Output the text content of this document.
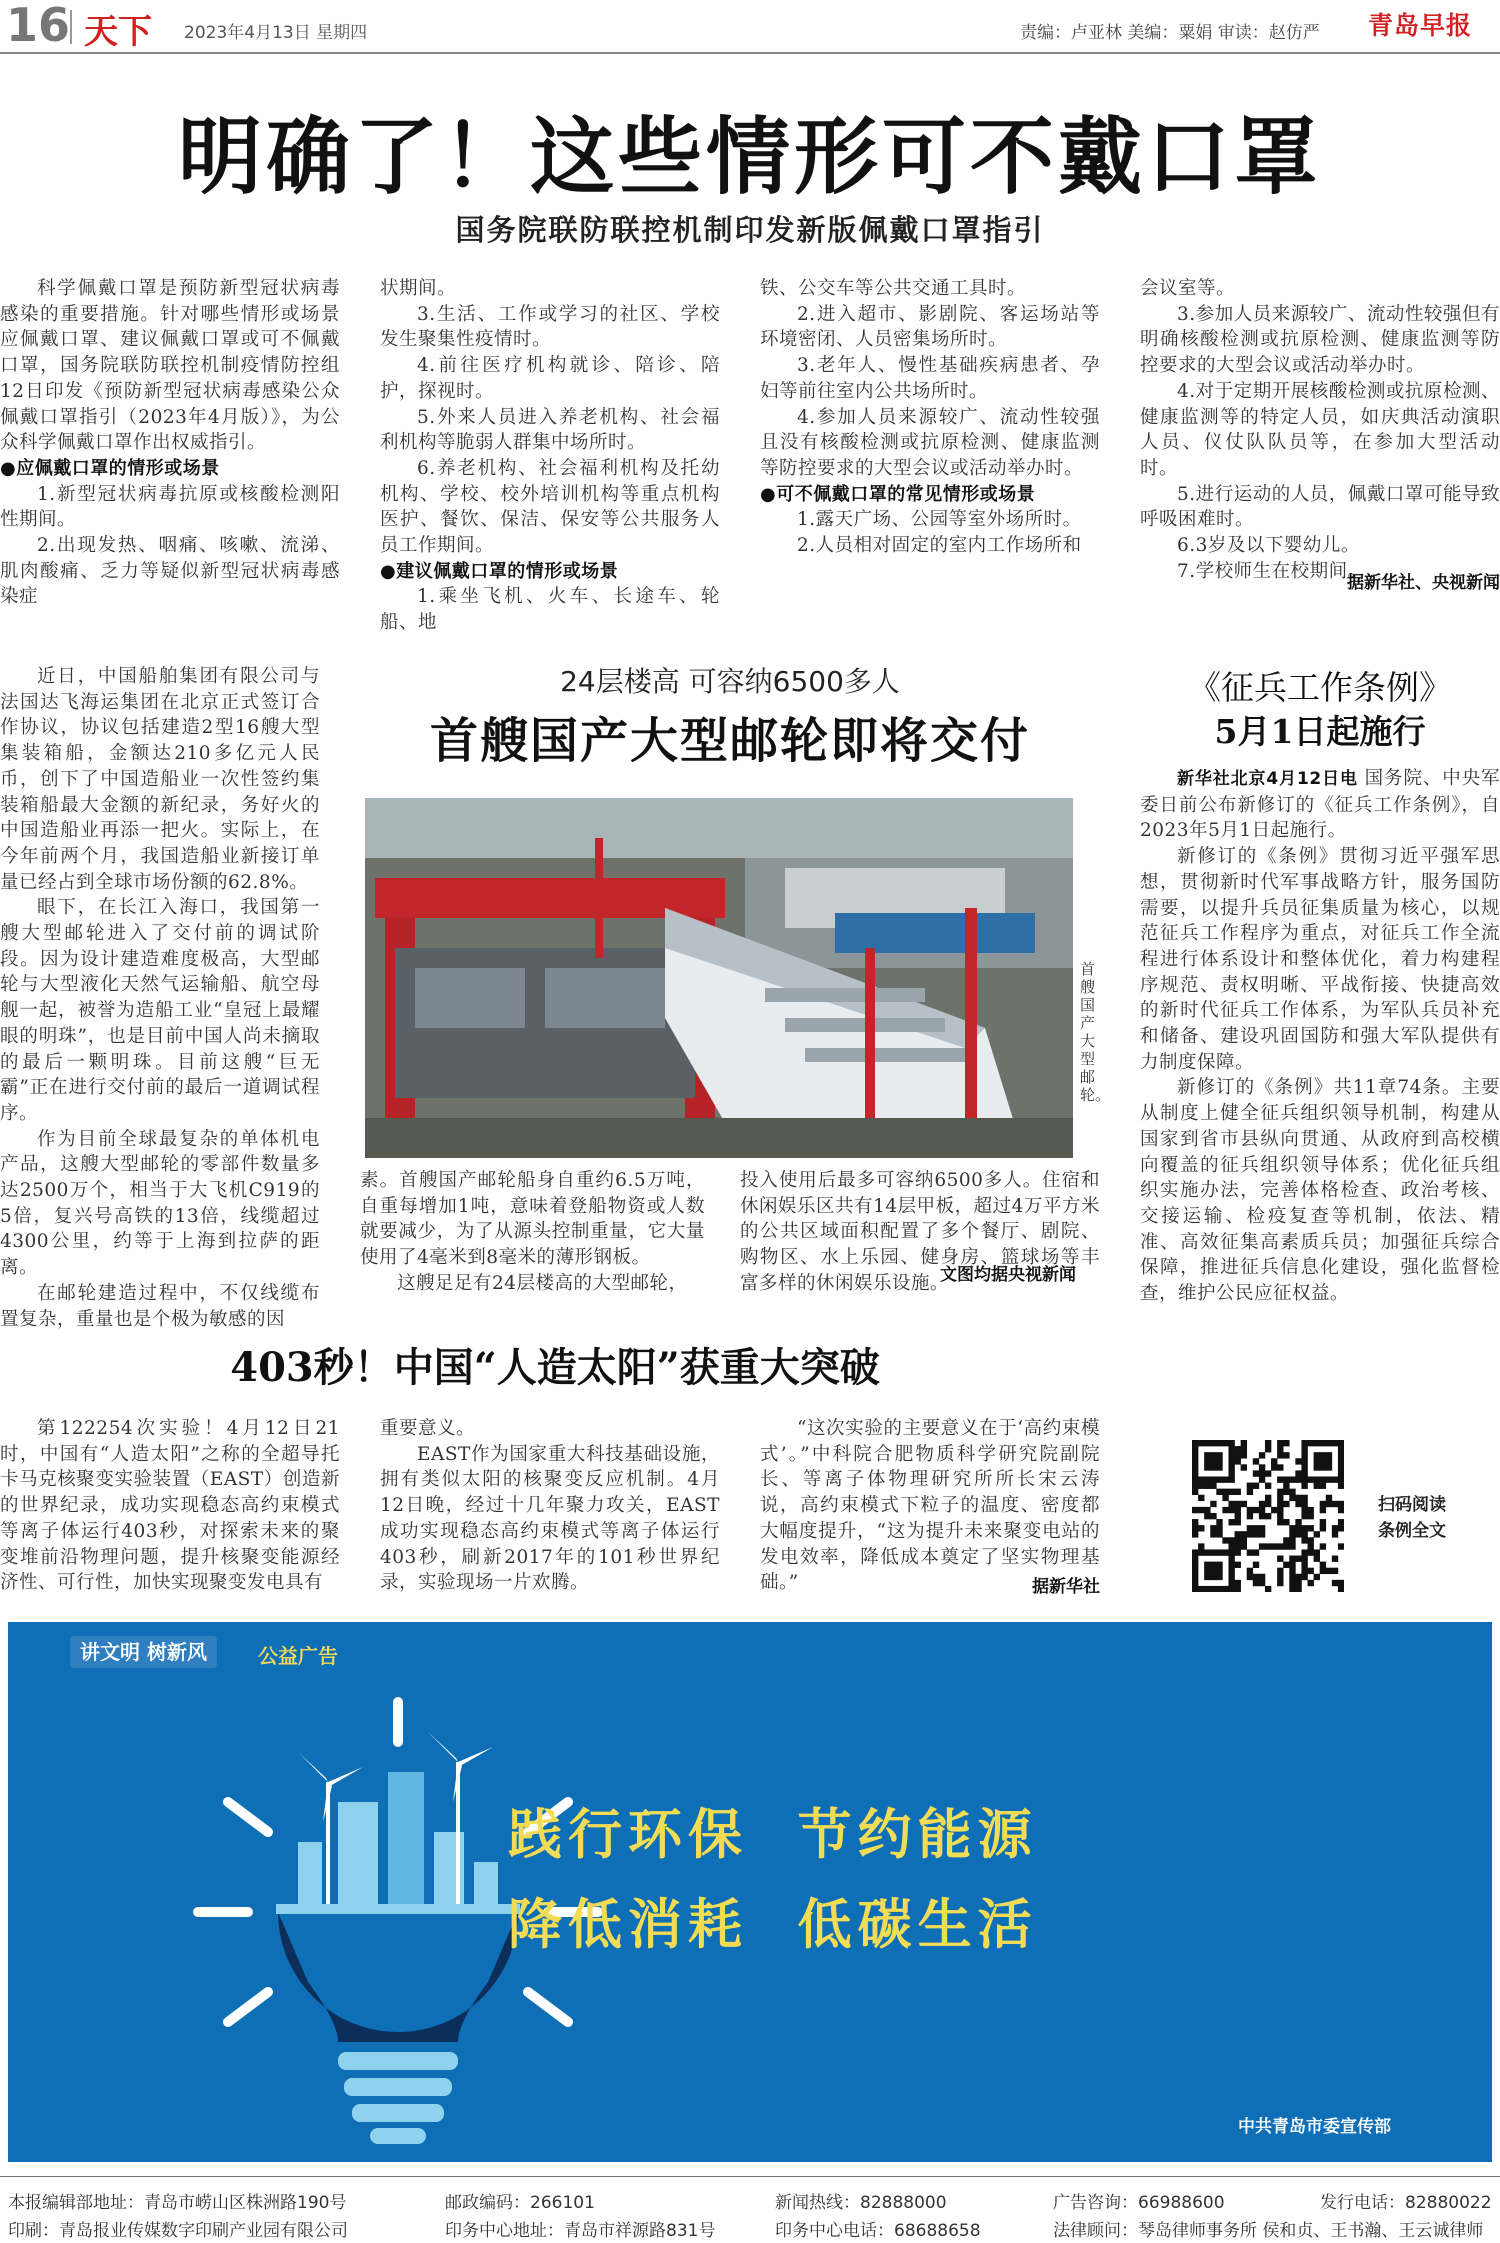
16 天下 2023年4月13日 星期四	责编：卢亚林 美编：粟娟 审读：赵仿严 青岛早报
明确了！这些情形可不戴口罩
国务院联防联控机制印发新版佩戴口罩指引

科学佩戴口罩是预防新型冠状病毒感染的重要措施。针对哪些情形或场景应佩戴口罩、建议佩戴口罩或可不佩戴口罩，国务院联防联控机制疫情防控组12日印发《预防新型冠状病毒感染公众佩戴口罩指引（2023年4月版）》，为公众科学佩戴口罩作出权威指引。

●应佩戴口罩的情形或场景

1.新型冠状病毒抗原或核酸检测阳性期间。

2.出现发热、咽痛、咳嗽、流涕、肌肉酸痛、乏力等疑似新型冠状病毒感染症

状期间。

3.生活、工作或学习的社区、学校发生聚集性疫情时。

4.前往医疗机构就诊、陪诊、陪护，探视时。

5.外来人员进入养老机构、社会福利机构等脆弱人群集中场所时。

6.养老机构、社会福利机构及托幼机构、学校、校外培训机构等重点机构医护、餐饮、保洁、保安等公共服务人员工作期间。

●建议佩戴口罩的情形或场景

1.乘坐飞机、火车、长途车、轮船、地

铁、公交车等公共交通工具时。

2.进入超市、影剧院、客运场站等环境密闭、人员密集场所时。

3.老年人、慢性基础疾病患者、孕妇等前往室内公共场所时。

4.参加人员来源较广、流动性较强且没有核酸检测或抗原检测、健康监测等防控要求的大型会议或活动举办时。

●可不佩戴口罩的常见情形或场景

1.露天广场、公园等室外场所时。

2.人员相对固定的室内工作场所和

会议室等。

3.参加人员来源较广、流动性较强但有明确核酸检测或抗原检测、健康监测等防控要求的大型会议或活动举办时。

4.对于定期开展核酸检测或抗原检测、健康监测等的特定人员，如庆典活动演职人员、仪仗队队员等，在参加大型活动时。

5.进行运动的人员，佩戴口罩可能导致呼吸困难时。

6.3岁及以下婴幼儿。

7.学校师生在校期间。

据新华社、央视新闻
24层楼高 可容纳6500多人
首艘国产大型邮轮即将交付

近日，中国船舶集团有限公司与法国达飞海运集团在北京正式签订合作协议，协议包括建造2型16艘大型集装箱船，金额达210多亿元人民币，创下了中国造船业一次性签约集装箱船最大金额的新纪录，务好火的中国造船业再添一把火。实际上，在今年前两个月，我国造船业新接订单量已经占到全球市场份额的62.8%。

眼下，在长江入海口，我国第一艘大型邮轮进入了交付前的调试阶段。因为设计建造难度极高，大型邮轮与大型液化天然气运输船、航空母舰一起，被誉为造船工业“皇冠上最耀眼的明珠”，也是目前中国人尚未摘取的最后一颗明珠。目前这艘“巨无霸”正在进行交付前的最后一道调试程序。

作为目前全球最复杂的单体机电产品，这艘大型邮轮的零部件数量多达2500万个，相当于大飞机C919的5倍，复兴号高铁的13倍，线缆超过4300公里，约等于上海到拉萨的距离。

在邮轮建造过程中，不仅线缆布置复杂，重量也是个极为敏感的因

首艘国产大型邮轮。

素。首艘国产邮轮船身自重约6.5万吨，自重每增加1吨，意味着登船物资或人数就要减少，为了从源头控制重量，它大量使用了4毫米到8毫米的薄形钢板。

这艘足足有24层楼高的大型邮轮，

投入使用后最多可容纳6500多人。住宿和休闲娱乐区共有14层甲板，超过4万平方米的公共区域面积配置了多个餐厅、剧院、购物区、水上乐园、健身房、篮球场等丰富多样的休闲娱乐设施。

文图均据央视新闻
《征兵工作条例》
5月1日起施行

新华社北京4月12日电 国务院、中央军委日前公布新修订的《征兵工作条例》，自2023年5月1日起施行。

新修订的《条例》贯彻习近平强军思想，贯彻新时代军事战略方针，服务国防需要，以提升兵员征集质量为核心，以规范征兵工作程序为重点，对征兵工作全流程进行体系设计和整体优化，着力构建程序规范、责权明晰、平战衔接、快捷高效的新时代征兵工作体系，为军队兵员补充和储备、建设巩固国防和强大军队提供有力制度保障。

新修订的《条例》共11章74条。主要从制度上健全征兵组织领导机制，构建从国家到省市县纵向贯通、从政府到高校横向覆盖的征兵组织领导体系；优化征兵组织实施办法，完善体格检查、政治考核、交接运输、检疫复查等机制，依法、精准、高效征集高素质兵员；加强征兵综合保障，推进征兵信息化建设，强化监督检查，维护公民应征权益。

扫码阅读
条例全文
403秒！中国“人造太阳”获重大突破

第122254次实验！4月12日21时，中国有“人造太阳”之称的全超导托卡马克核聚变实验装置（EAST）创造新的世界纪录，成功实现稳态高约束模式等离子体运行403秒，对探索未来的聚变堆前沿物理问题，提升核聚变能源经济性、可行性，加快实现聚变发电具有

重要意义。

EAST作为国家重大科技基础设施，拥有类似太阳的核聚变反应机制。4月12日晚，经过十几年聚力攻关，EAST成功实现稳态高约束模式等离子体运行403秒，刷新2017年的101秒世界纪录，实验现场一片欢腾。

“这次实验的主要意义在于‘高约束模式’。”中科院合肥物质科学研究院副院长、等离子体物理研究所所长宋云涛说，高约束模式下粒子的温度、密度都大幅度提升，“这为提升未来聚变电站的发电效率，降低成本奠定了坚实物理基础。”	据新华社
讲文明 树新风	公益广告
践行环保  节约能源
降低消耗  低碳生活
中共青岛市委宣传部
本报编辑部地址：青岛市崂山区株洲路190号	邮政编码：266101	新闻热线：82888000	广告咨询：66988600	发行电话：82880022
印刷：青岛报业传媒数字印刷产业园有限公司	印务中心地址：青岛市祥源路831号	印务中心电话：68688658	法律顾问：琴岛律师事务所 侯和贞、王书瀚、王云诚律师
